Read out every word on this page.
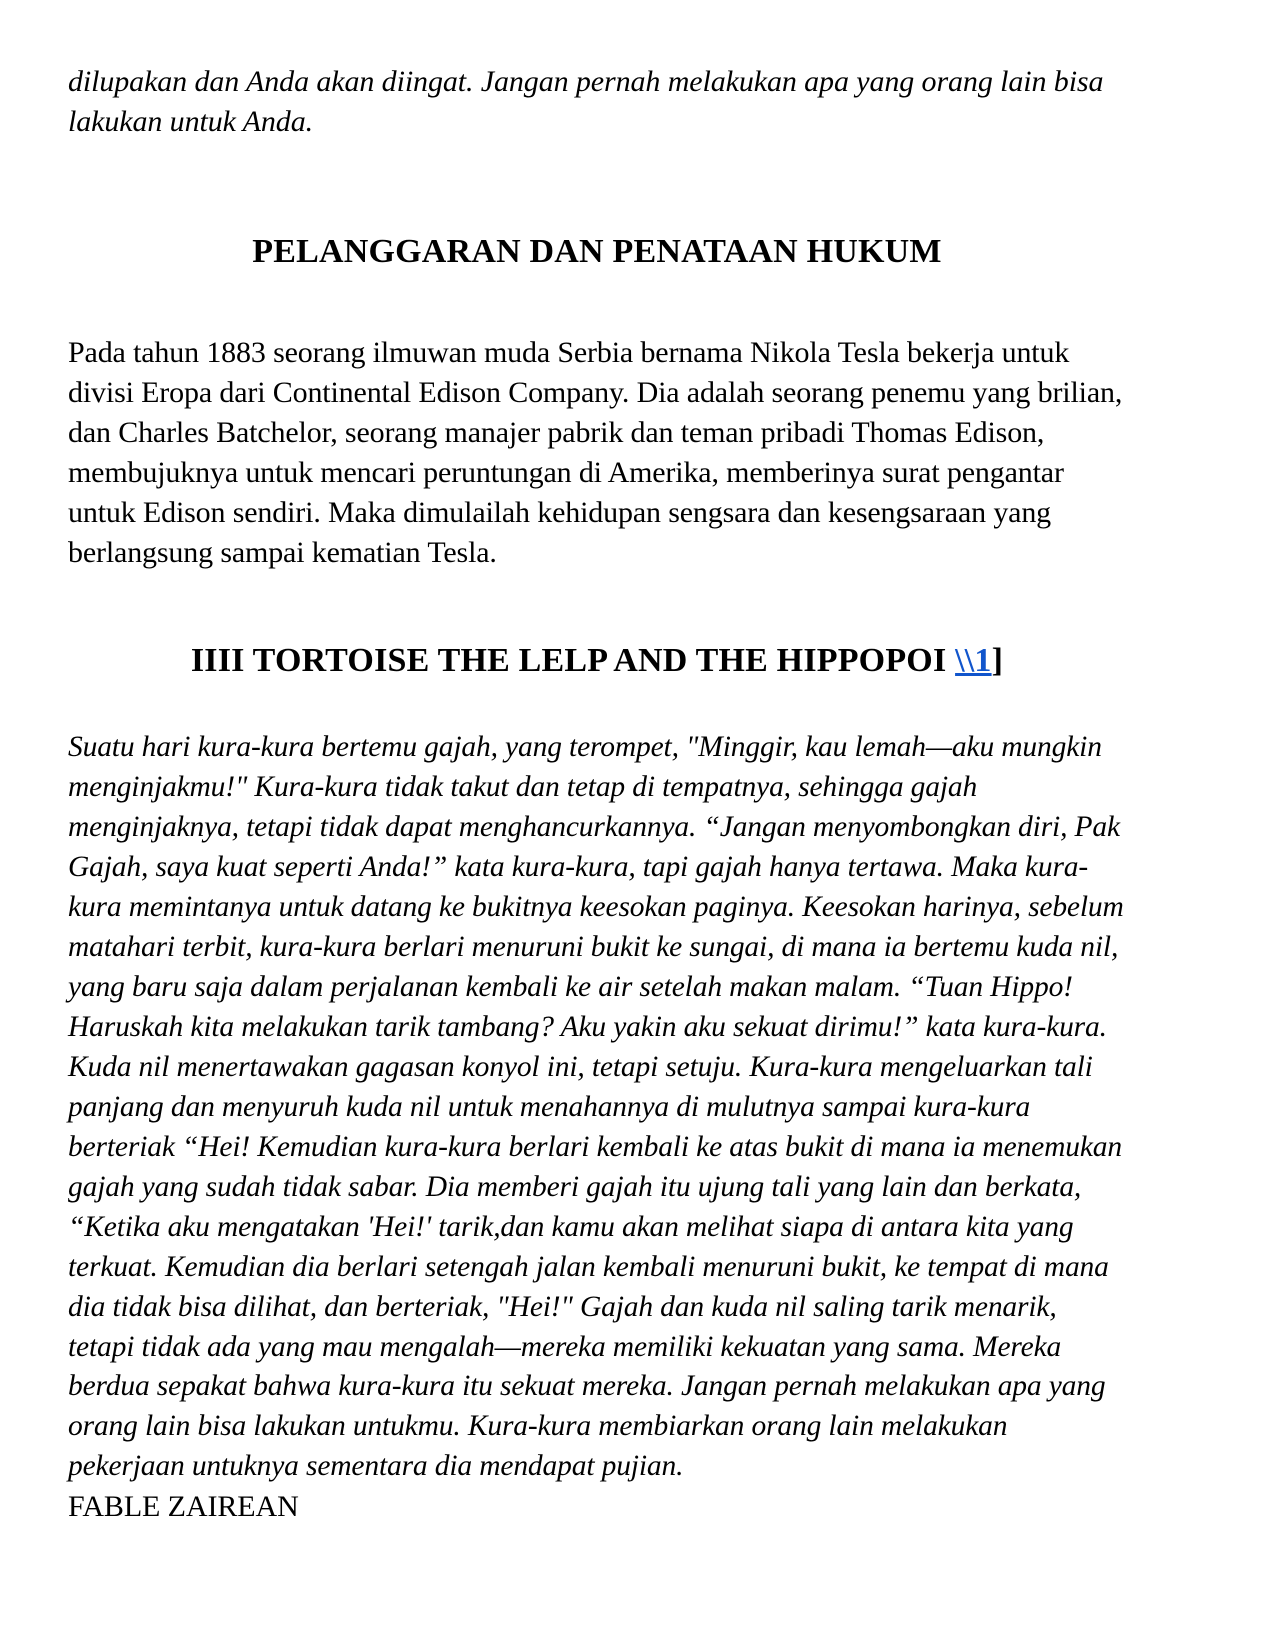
dilupakan dan Anda akan diingat. Jangan pernah melakukan apa yang orang lain bisa lakukan untuk Anda.

PELANGGARAN DAN PENATAAN HUKUM

Pada tahun 1883 seorang ilmuwan muda Serbia bernama Nikola Tesla bekerja untuk divisi Eropa dari Continental Edison Company. Dia adalah seorang penemu yang brilian, dan Charles Batchelor, seorang manajer pabrik dan teman pribadi Thomas Edison, membujuknya untuk mencari peruntungan di Amerika, memberinya surat pengantar untuk Edison sendiri. Maka dimulailah kehidupan sengsara dan kesengsaraan yang berlangsung sampai kematian Tesla.

IIII TORTOISE THE LELP AND THE HIPPOPOI \\1]

Suatu hari kura-kura bertemu gajah, yang terompet, "Minggir, kau lemah—aku mungkin menginjakmu!" Kura-kura tidak takut dan tetap di tempatnya, sehingga gajah menginjaknya, tetapi tidak dapat menghancurkannya. “Jangan menyombongkan diri, Pak Gajah, saya kuat seperti Anda!” kata kura-kura, tapi gajah hanya tertawa. Maka kura-kura memintanya untuk datang ke bukitnya keesokan paginya. Keesokan harinya, sebelum matahari terbit, kura-kura berlari menuruni bukit ke sungai, di mana ia bertemu kuda nil, yang baru saja dalam perjalanan kembali ke air setelah makan malam. “Tuan Hippo! Haruskah kita melakukan tarik tambang? Aku yakin aku sekuat dirimu!” kata kura-kura. Kuda nil menertawakan gagasan konyol ini, tetapi setuju. Kura-kura mengeluarkan tali panjang dan menyuruh kuda nil untuk menahannya di mulutnya sampai kura-kura berteriak “Hei! Kemudian kura-kura berlari kembali ke atas bukit di mana ia menemukan gajah yang sudah tidak sabar. Dia memberi gajah itu ujung tali yang lain dan berkata, “Ketika aku mengatakan 'Hei!' tarik,dan kamu akan melihat siapa di antara kita yang terkuat. Kemudian dia berlari setengah jalan kembali menuruni bukit, ke tempat di mana dia tidak bisa dilihat, dan berteriak, "Hei!" Gajah dan kuda nil saling tarik menarik, tetapi tidak ada yang mau mengalah—mereka memiliki kekuatan yang sama. Mereka berdua sepakat bahwa kura-kura itu sekuat mereka. Jangan pernah melakukan apa yang orang lain bisa lakukan untukmu. Kura-kura membiarkan orang lain melakukan pekerjaan untuknya sementara dia mendapat pujian.

FABLE ZAIREAN
